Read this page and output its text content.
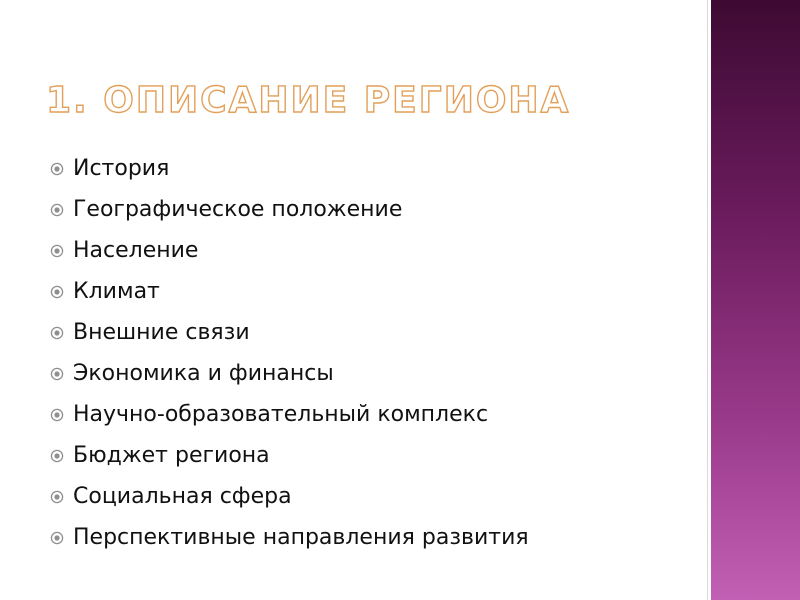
1. ОПИСАНИЕ РЕГИОНА
История
Географическое положение
Население
Климат
Внешние связи
Экономика и финансы
Научно-образовательный комплекс
Бюджет региона
Социальная сфера
Перспективные направления развития
